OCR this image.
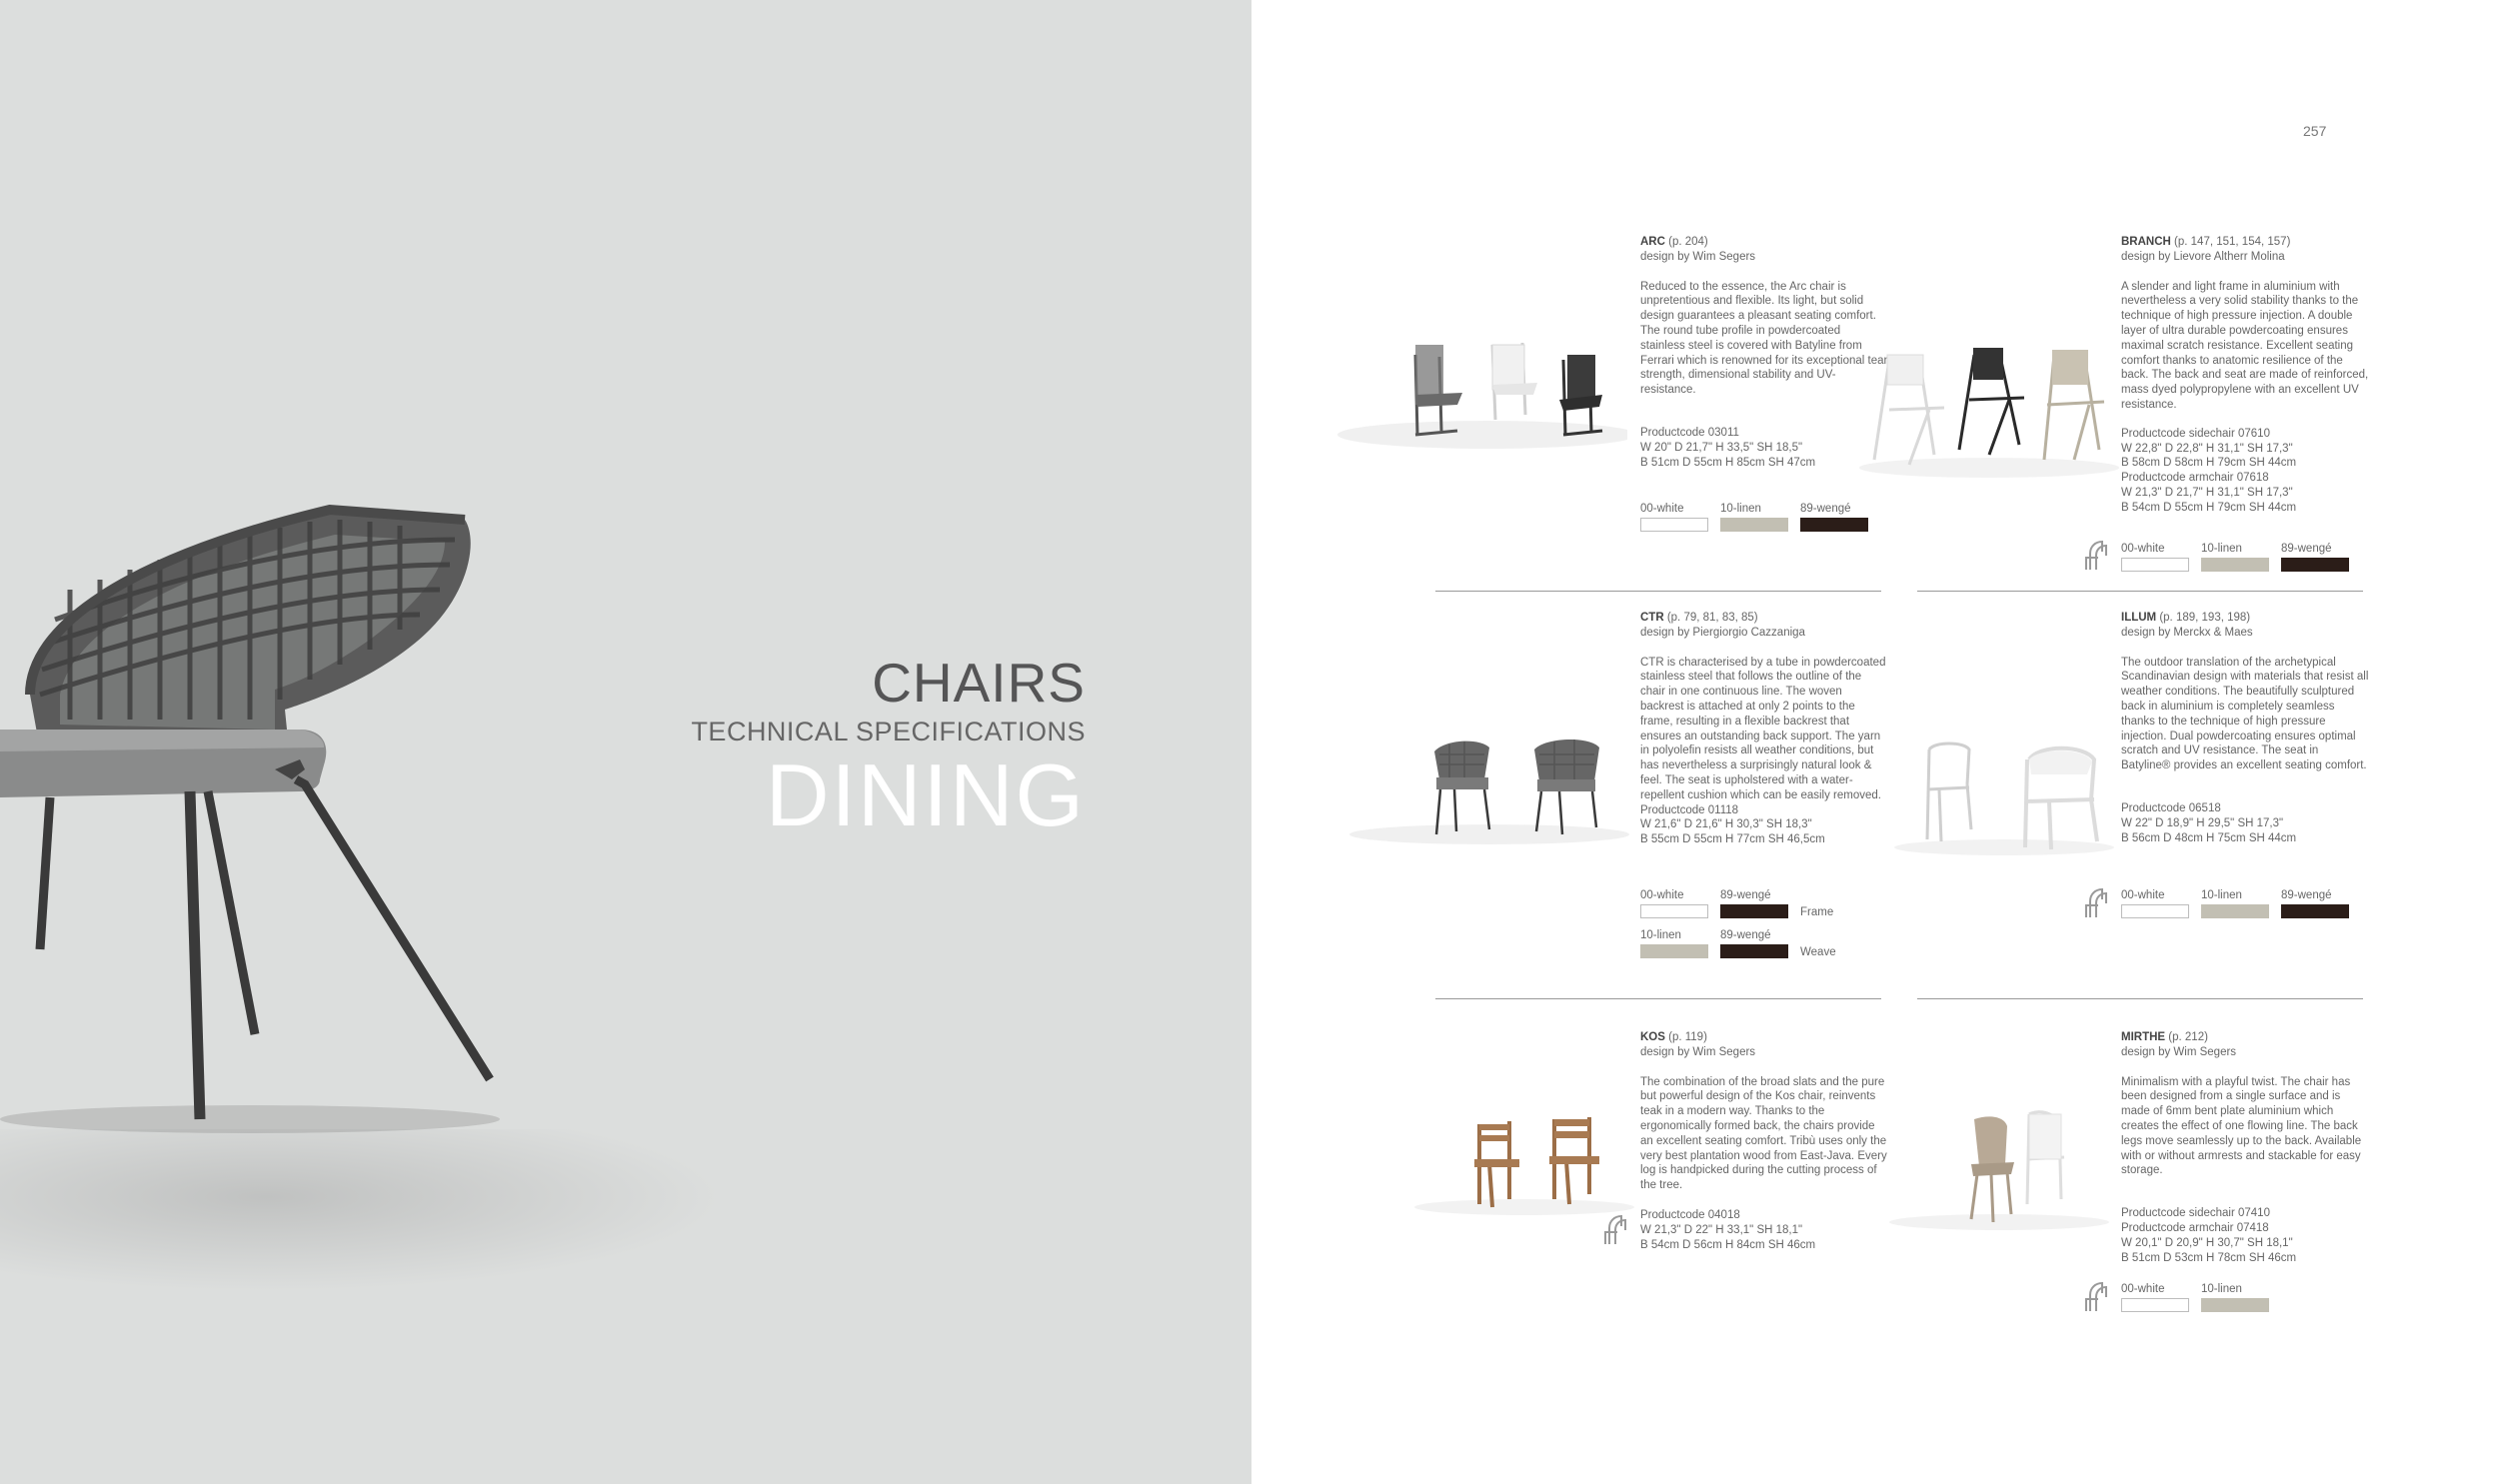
CHAIRS
TECHNICAL SPECIFICATIONS
DINING
257
ARC (p. 204)
design by Wim Segers
Reduced to the essence, the Arc chair is unpretentious and flexible. Its light, but solid design guarantees a pleasant seating comfort. The round tube profile in powdercoated stainless steel is covered with Batyline from Ferrari which is renowned for its exceptional tear strength, dimensional stability and UV-resistance.
Productcode 03011
W 20" D 21,7" H 33,5" SH 18,5"
B 51cm D 55cm H 85cm SH 47cm
00-white	10-linen	89-wengé
BRANCH (p. 147, 151, 154, 157)
design by Lievore Altherr Molina
A slender and light frame in aluminium with nevertheless a very solid stability thanks to the technique of high pressure injection. A double layer of ultra durable powdercoating ensures maximal scratch resistance. Excellent seating comfort thanks to anatomic resilience of the back. The back and seat are made of reinforced, mass dyed polypropylene with an excellent UV resistance.
Productcode sidechair 07610
W 22,8" D 22,8" H 31,1" SH 17,3"
B 58cm D 58cm H 79cm SH 44cm
Productcode armchair 07618
W 21,3" D 21,7" H 31,1" SH 17,3"
B 54cm D 55cm H 79cm SH 44cm
00-white	10-linen	89-wengé
CTR (p. 79, 81, 83, 85)
design by Piergiorgio Cazzaniga
CTR is characterised by a tube in powdercoated stainless steel that follows the outline of the chair in one continuous line. The woven backrest is attached at only 2 points to the frame, resulting in a flexible backrest that ensures an outstanding back support. The yarn in polyolefin resists all weather conditions, but has nevertheless a surprisingly natural look & feel. The seat is upholstered with a water-repellent cushion which can be easily removed.
Productcode 01118
W 21,6" D 21,6" H 30,3" SH 18,3"
B 55cm D 55cm H 77cm SH 46,5cm
00-white	89-wengé
Frame
10-linen	89-wengé
Weave
ILLUM (p. 189, 193, 198)
design by Merckx & Maes
The outdoor translation of the archetypical Scandinavian design with materials that resist all weather conditions. The beautifully sculptured back in aluminium is completely seamless thanks to the technique of high pressure injection. Dual powdercoating ensures optimal scratch and UV resistance. The seat in Batyline® provides an excellent seating comfort.
Productcode 06518
W 22" D 18,9" H 29,5" SH 17,3"
B 56cm D 48cm H 75cm SH 44cm
00-white	10-linen	89-wengé
KOS (p. 119)
design by Wim Segers
The combination of the broad slats and the pure but powerful design of the Kos chair, reinvents teak in a modern way. Thanks to the ergonomically formed back, the chairs provide an excellent seating comfort. Tribù uses only the very best plantation wood from East-Java. Every log is handpicked during the cutting process of the tree.
Productcode 04018
W 21,3" D 22" H 33,1" SH 18,1"
B 54cm D 56cm H 84cm SH 46cm
MIRTHE (p. 212)
design by Wim Segers
Minimalism with a playful twist. The chair has been designed from a single surface and is made of 6mm bent plate aluminium which creates the effect of one flowing line. The back legs move seamlessly up to the back. Available with or without armrests and stackable for easy storage.
Productcode sidechair 07410
Productcode armchair 07418
W 20,1" D 20,9" H 30,7" SH 18,1"
B 51cm D 53cm H 78cm SH 46cm
00-white	10-linen
